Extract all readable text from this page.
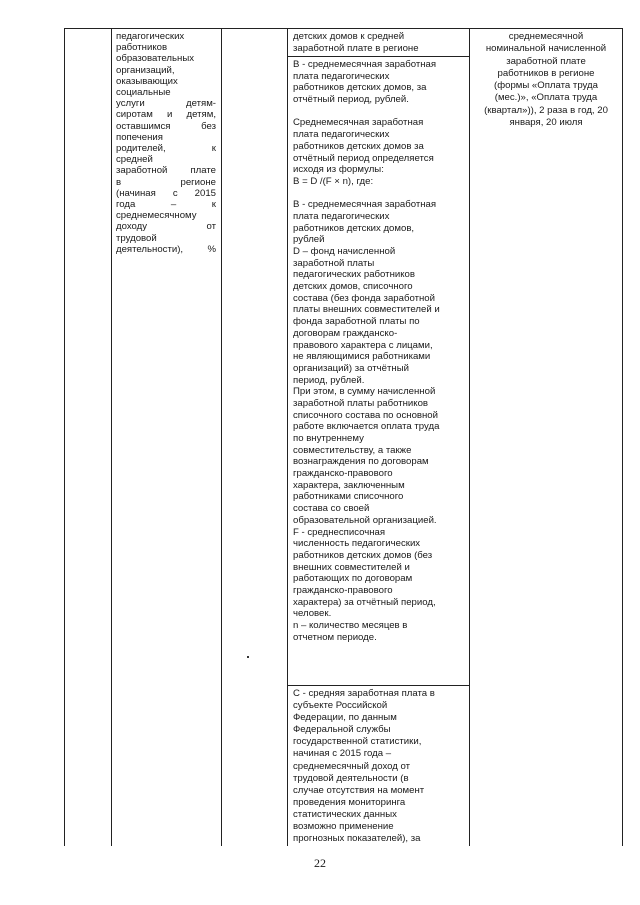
педагогических
работников
образовательных
организаций,
оказывающих
социальные
услуги детям-
сиротам и детям,
оставшимся без
попечения
родителей, к
средней
заработной плате
в регионе
(начиная с 2015
года – к
среднемесячному
доходу от
трудовой
деятельности), %
детских домов к средней
заработной плате в регионе
В - среднемесячная заработная
плата педагогических
работников детских домов, за
отчётный период, рублей.

Среднемесячная заработная
плата педагогических
работников детских домов за
отчётный период определяется
исходя из формулы:
B = D /(F × n), где:

В - среднемесячная заработная
плата педагогических
работников детских домов,
рублей
D – фонд начисленной
заработной платы
педагогических работников
детских домов, списочного
состава (без фонда заработной
платы внешних совместителей и
фонда заработной платы по
договорам гражданско-
правового характера с лицами,
не являющимися работниками
организаций) за отчётный
период, рублей.
При этом, в сумму начисленной
заработной платы работников
списочного состава по основной
работе включается оплата труда
по внутреннему
совместительству, а также
вознаграждения по договорам
гражданско-правового
характера, заключенным
работниками списочного
состава со своей
образовательной организацией.
F - среднесписочная
численность педагогических
работников детских домов (без
внешних совместителей и
работающих по договорам
гражданско-правового
характера) за отчётный период,
человек.
n – количество месяцев в
отчетном периоде.
С - средняя заработная плата в
субъекте Российской
Федерации, по данным
Федеральной службы
государственной статистики,
начиная с 2015 года –
среднемесячный доход от
трудовой деятельности (в
случае отсутствия на момент
проведения мониторинга
статистических данных
возможно применение
прогнозных показателей), за
среднемесячной
номинальной начисленной
заработной плате
работников в регионе
(формы «Оплата труда
(мес.)», «Оплата труда
(квартал»)), 2 раза в год, 20
января, 20 июля
22
